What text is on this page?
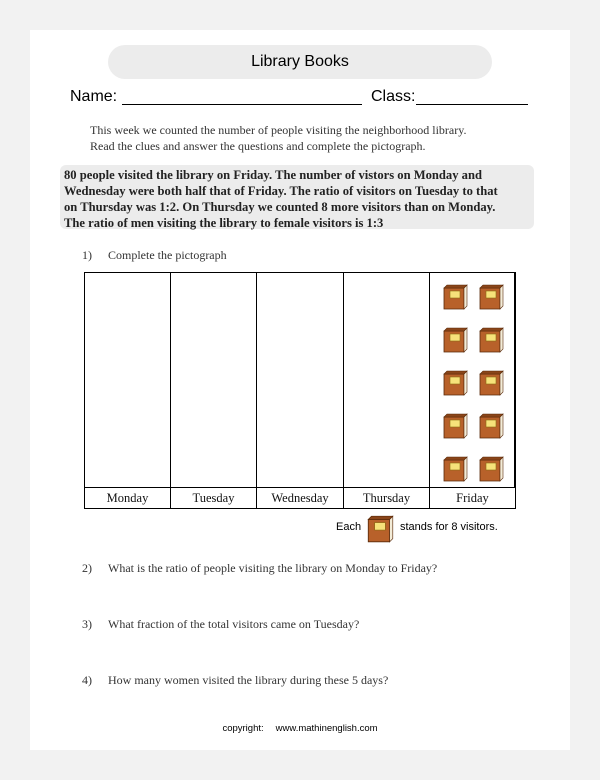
Library Books
Name:	Class:
This week we counted the number of people visiting the neighborhood library.
Read the clues and answer the questions and complete the pictograph.
80 people visited the library on Friday. The number of vistors on Monday and
Wednesday were both half that of Friday. The ratio of visitors on Tuesday to that
on Thursday was 1:2. On Thursday we counted 8 more visitors than on Monday.
The ratio of men visiting the library to female visitors is 1:3
1) Complete the pictograph
Monday	Tuesday	Wednesday	Thursday	Friday
Each	stands for 8 visitors.
2) What is the ratio of people visiting the library on Monday to Friday?
3) What fraction of the total visitors came on Tuesday?
4) How many women visited the library during these 5 days?
copyright: www.mathinenglish.com
